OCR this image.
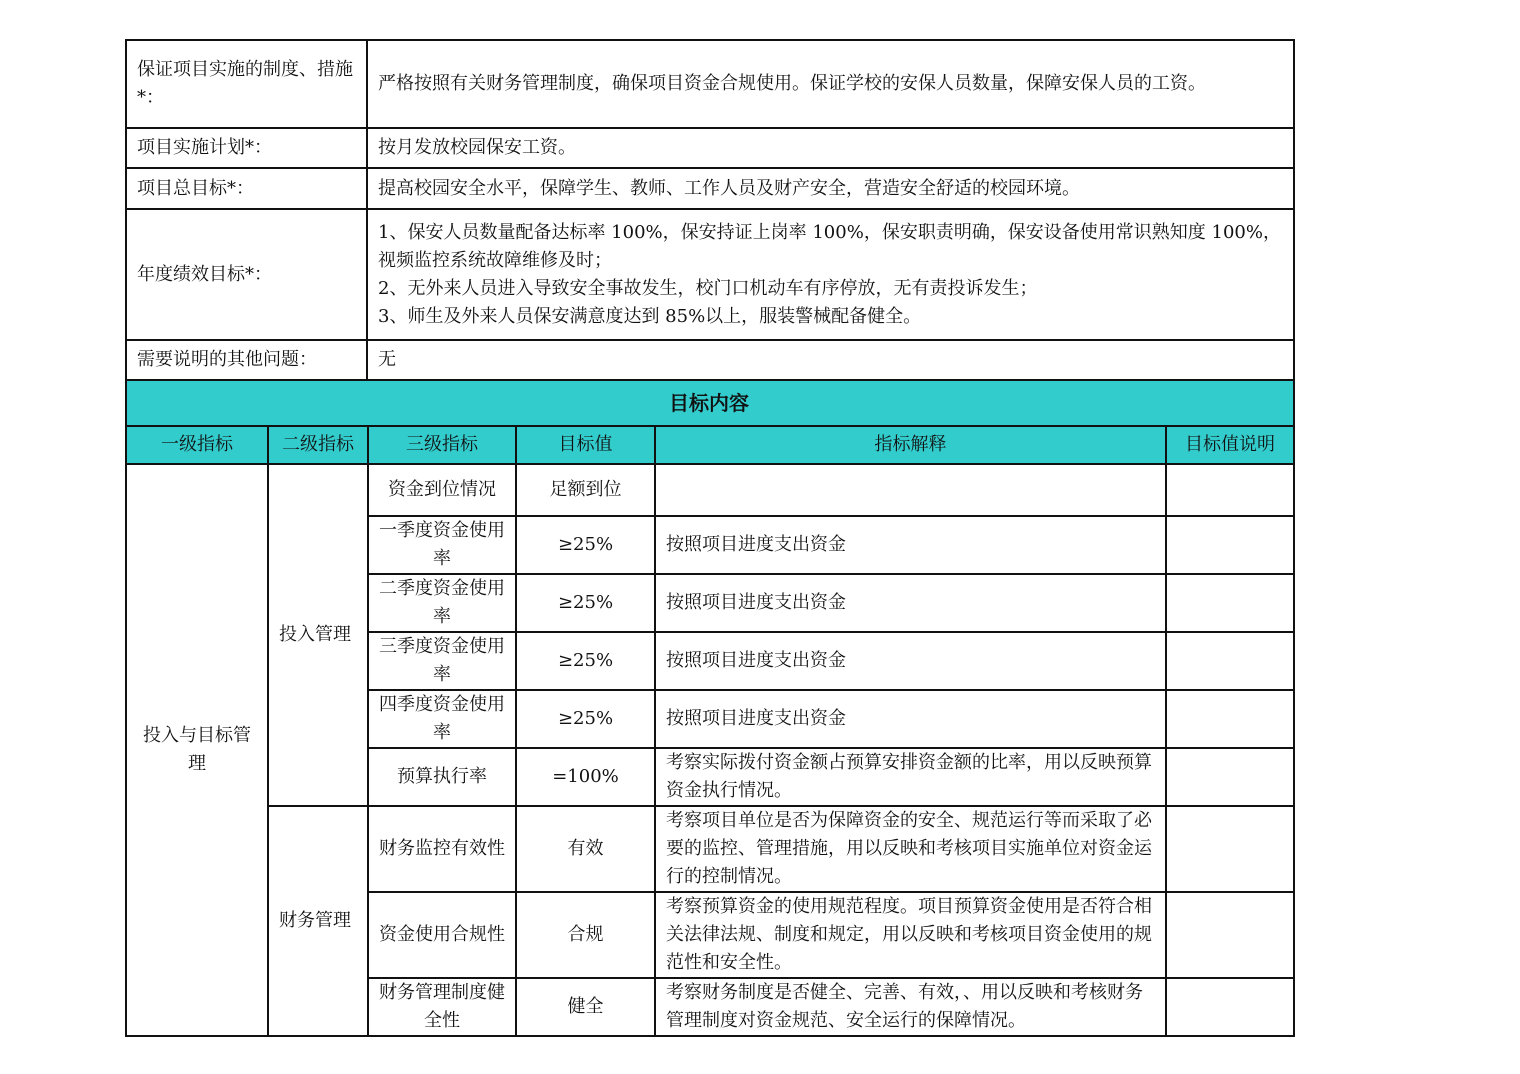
保证项目实施的制度、措施*：	严格按照有关财务管理制度，确保项目资金合规使用。保证学校的安保人员数量，保障安保人员的工资。
项目实施计划*：	按月发放校园保安工资。
项目总目标*：	提高校园安全水平，保障学生、教师、工作人员及财产安全，营造安全舒适的校园环境。
年度绩效目标*：	1、保安人员数量配备达标率 100%，保安持证上岗率 100%，保安职责明确，保安设备使用常识熟知度 100%，视频监控系统故障维修及时；
2、无外来人员进入导致安全事故发生，校门口机动车有序停放，无有责投诉发生；
3、师生及外来人员保安满意度达到 85%以上，服装警械配备健全。

需要说明的其他问题：	无
				目标内容	
一级指标	二级指标	三级指标	目标值	指标解释	目标值说明
投入与目标管理	投入管理	资金到位情况	足额到位		
		一季度资金使用率	≥25%	按照项目进度支出资金	
		二季度资金使用率	≥25%	按照项目进度支出资金	
		三季度资金使用率	≥25%	按照项目进度支出资金	
		四季度资金使用率	≥25%	按照项目进度支出资金	
		预算执行率	=100%	考察实际拨付资金额占预算安排资金额的比率，用以反映预算资金执行情况。	
	财务管理	财务监控有效性	有效	考察项目单位是否为保障资金的安全、规范运行等而采取了必要的监控、管理措施，用以反映和考核项目实施单位对资金运行的控制情况。	
		资金使用合规性	合规	考察预算资金的使用规范程度。项目预算资金使用是否符合相关法律法规、制度和规定，用以反映和考核项目资金使用的规范性和安全性。	
		财务管理制度健全性	健全	考察财务制度是否健全、完善、有效，、用以反映和考核财务管理制度对资金规范、安全运行的保障情况。	
